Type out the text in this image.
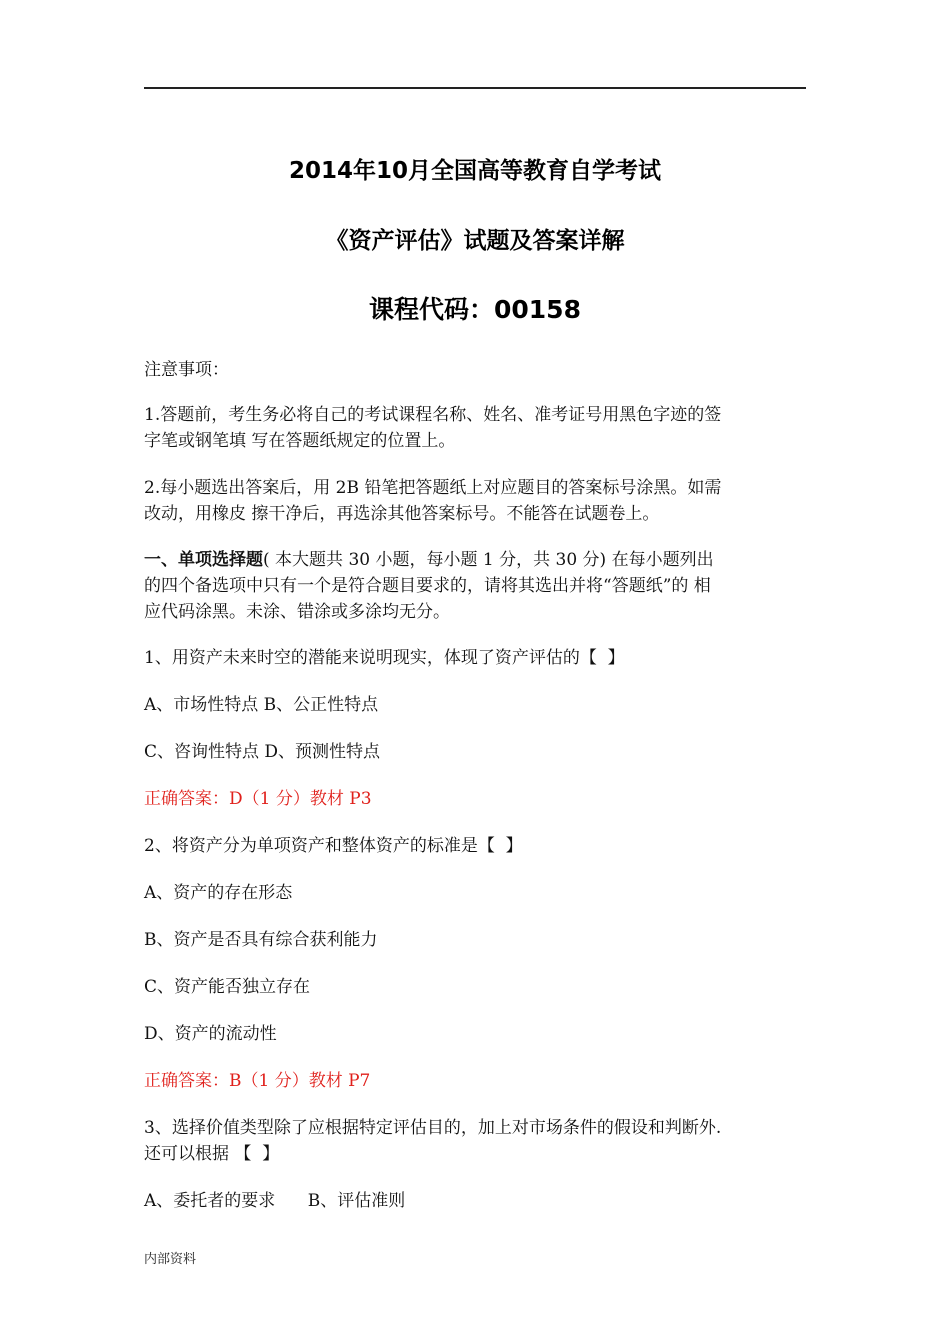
2014年10月全国高等教育自学考试
《资产评估》试题及答案详解
课程代码：00158
注意事项：
1.答题前，考生务必将自己的考试课程名称、姓名、准考证号用黑色字迹的签
字笔或钢笔填 写在答题纸规定的位置上。
2.每小题选出答案后，用 2B 铅笔把答题纸上对应题目的答案标号涂黑。如需
改动，用橡皮 擦干净后，再选涂其他答案标号。不能答在试题卷上。
一、单项选择题( 本大题共 30 小题，每小题 1 分，共 30 分) 在每小题列出
的四个备选项中只有一个是符合题目要求的，请将其选出并将“答题纸”的 相
应代码涂黑。未涂、错涂或多涂均无分。
1、用资产未来时空的潜能来说明现实，体现了资产评估的【  】
A、市场性特点 B、公正性特点
C、咨询性特点 D、预测性特点
正确答案：D（1 分）教材 P3
2、将资产分为单项资产和整体资产的标准是【  】
A、资产的存在形态
B、资产是否具有综合获利能力
C、资产能否独立存在
D、资产的流动性
正确答案：B（1 分）教材 P7
3、选择价值类型除了应根据特定评估目的，加上对市场条件的假设和判断外.
还可以根据 【  】
A、委托者的要求      B、评估准则
内部资料
